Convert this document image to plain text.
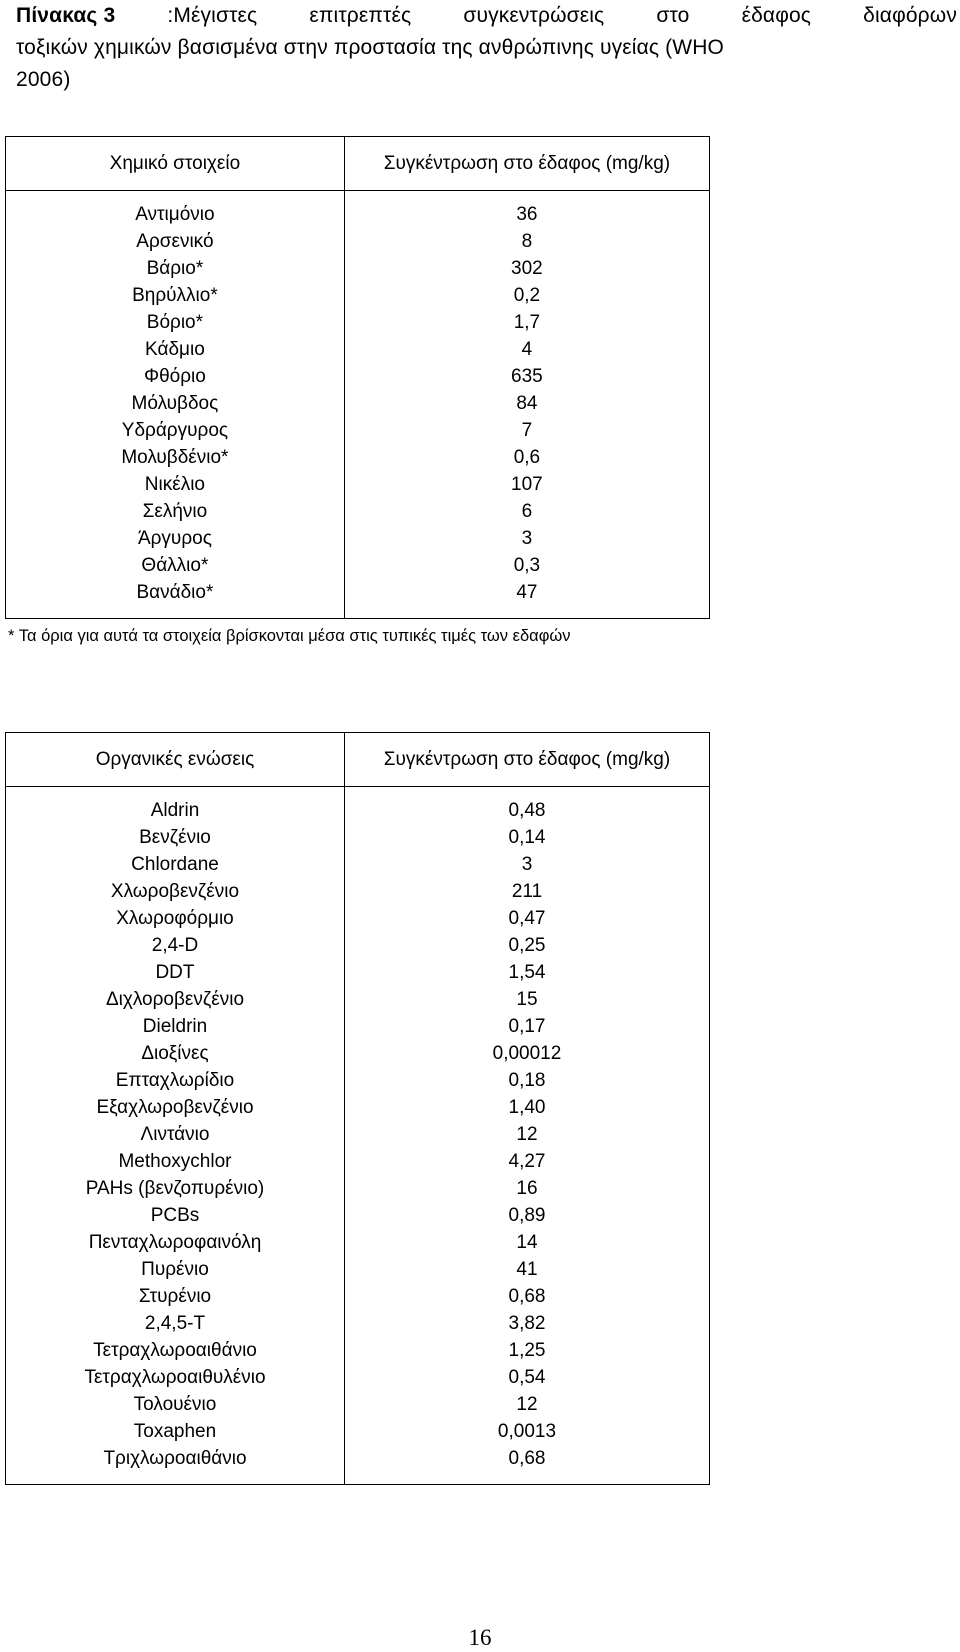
Πίνακας 3 :Μέγιστες επιτρεπτές συγκεντρώσεις στο έδαφος διαφόρων
τοξικών χημικών βασισμένα στην προστασία της ανθρώπινης υγείας (WHO
2006)
Χημικό στοιχείο	Συγκέντρωση στο έδαφος (mg/kg)

Αντιμόνιο	36
Αρσενικό	8
Βάριο*	302
Βηρύλλιο*	0,2
Βόριο*	1,7
Κάδμιο	4
Φθόριο	635
Μόλυβδος	84
Υδράργυρος	7
Μολυβδένιο*	0,6
Νικέλιο	107
Σελήνιο	6
Άργυρος	3
Θάλλιο*	0,3
Βανάδιο*	47

* Τα όρια για αυτά τα στοιχεία βρίσκονται μέσα στις τυπικές τιμές των εδαφών
Οργανικές ενώσεις	Συγκέντρωση στο έδαφος (mg/kg)

Aldrin	0,48
Βενζένιο	0,14
Chlordane	3
Χλωροβενζένιο	211
Χλωροφόρμιο	0,47
2,4-D	0,25
DDT	1,54
Διχλοροβενζένιο	15
Dieldrin	0,17
Διοξίνες	0,00012
Επταχλωρίδιο	0,18
Εξαχλωροβενζένιο	1,40
Λιντάνιο	12
Methoxychlor	4,27
PAHs (βενζοπυρένιο)	16
PCBs	0,89
Πενταχλωροφαινόλη	14
Πυρένιο	41
Στυρένιο	0,68
2,4,5-T	3,82
Τετραχλωροαιθάνιο	1,25
Τετραχλωροαιθυλένιο	0,54
Τολουένιο	12
Toxaphen	0,0013
Τριχλωροαιθάνιο	0,68

16
